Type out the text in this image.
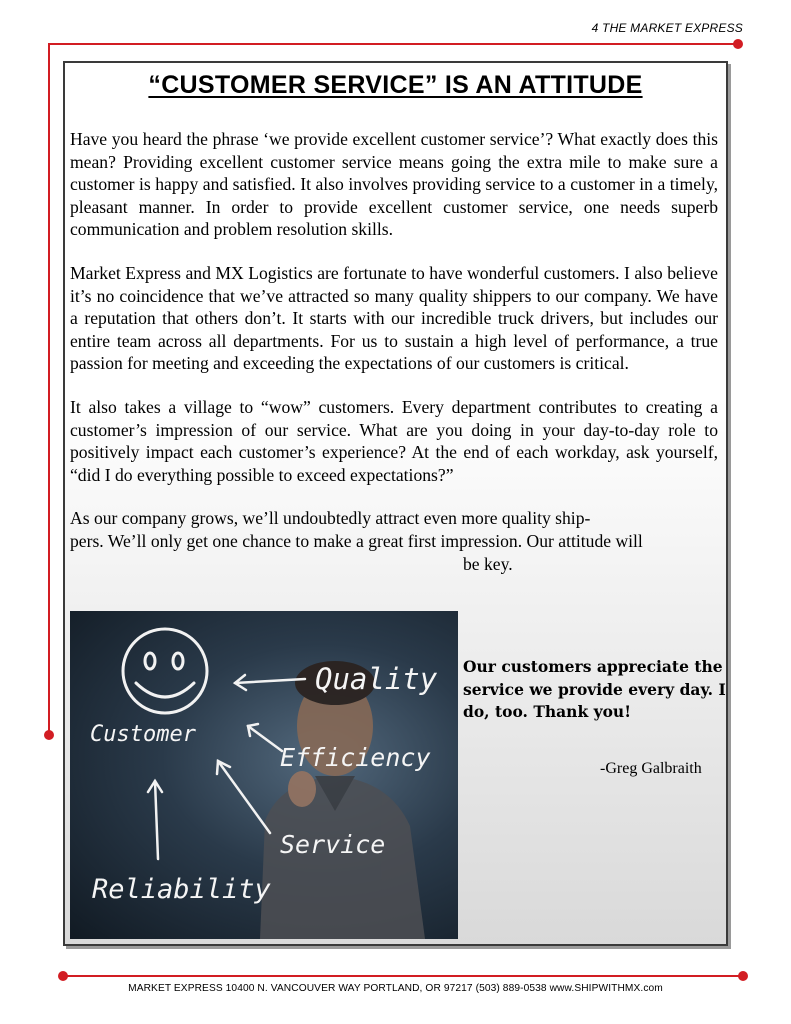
4 THE MARKET EXPRESS
“CUSTOMER SERVICE” IS AN ATTITUDE

Have you heard the phrase ‘we provide excellent customer service’? What exactly does this mean? Providing excellent customer service means going the extra mile to make sure a customer is happy and satisfied. It also involves providing service to a customer in a timely, pleasant manner. In order to provide excellent customer service, one needs superb communication and problem resolution skills.

Market Express and MX Logistics are fortunate to have wonderful customers. I also believe it’s no coincidence that we’ve attracted so many quality shippers to our company. We have a reputation that others don’t. It starts with our incredible truck drivers, but includes our entire team across all departments. For us to sustain a high level of performance, a true passion for meeting and exceeding the expectations of our customers is critical.

It also takes a village to “wow” customers. Every department contributes to creating a customer’s impression of our service. What are you doing in your day-to-day role to positively impact each customer’s experience? At the end of each workday, ask yourself, “did I do everything possible to exceed expectations?”

As our company grows, we’ll undoubtedly attract even more quality ship-
pers. We’ll only get one chance to make a great first impression. Our attitude will
be key.
Quality
Customer
Efficiency
Service
Reliability
Our customers appreciate the service we provide every day. I do, too. Thank you!
-Greg Galbraith
MARKET EXPRESS 10400 N. VANCOUVER WAY PORTLAND, OR 97217 (503) 889-0538 www.SHIPWITHMX.com
